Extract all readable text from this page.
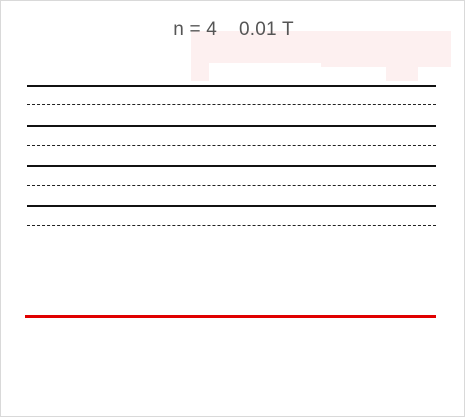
n = 4 0.01 T
